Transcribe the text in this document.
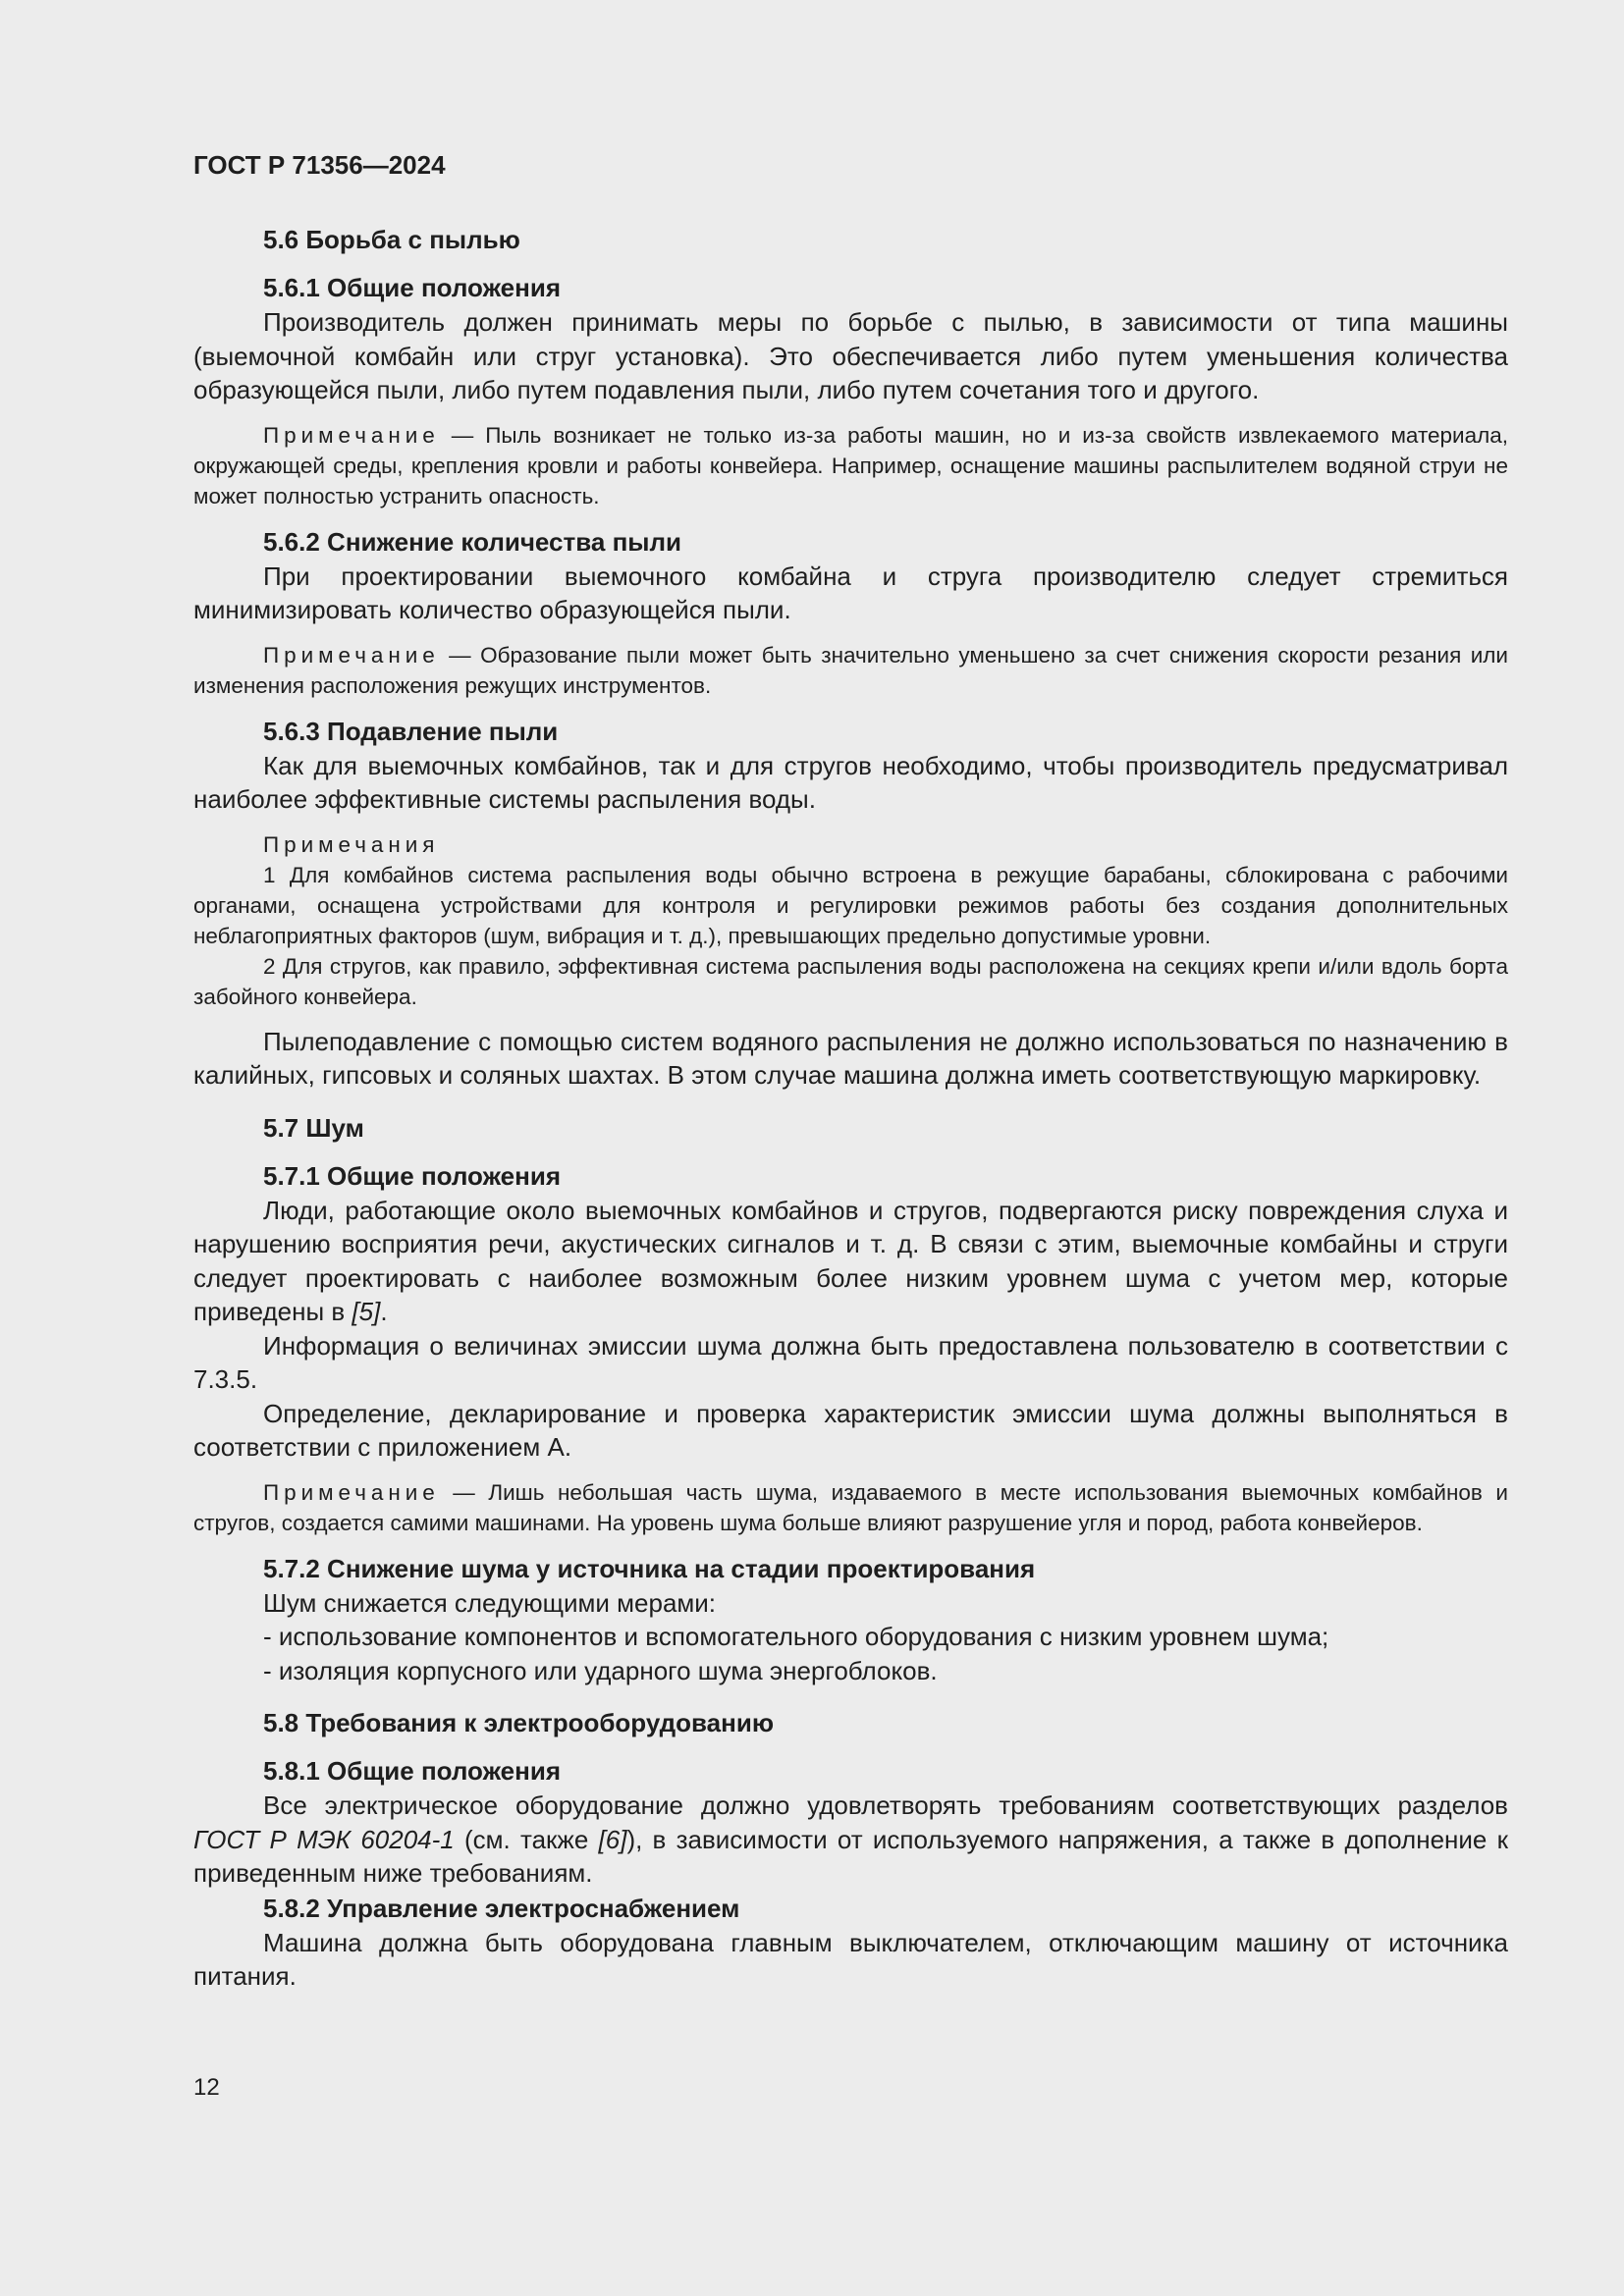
ГОСТ Р 71356—2024
5.6 Борьба с пылью
5.6.1 Общие положения

Производитель должен принимать меры по борьбе с пылью, в зависимости от типа машины (выемочной комбайн или струг установка). Это обеспечивается либо путем уменьшения количества образующейся пыли, либо путем подавления пыли, либо путем сочетания того и другого.

Примечание — Пыль возникает не только из-за работы машин, но и из-за свойств извлекаемого материала, окружающей среды, крепления кровли и работы конвейера. Например, оснащение машины распылителем водяной струи не может полностью устранить опасность.
5.6.2 Снижение количества пыли

При проектировании выемочного комбайна и струга производителю следует стремиться минимизировать количество образующейся пыли.

Примечание — Образование пыли может быть значительно уменьшено за счет снижения скорости резания или изменения расположения режущих инструментов.
5.6.3 Подавление пыли

Как для выемочных комбайнов, так и для стругов необходимо, чтобы производитель предусматривал наиболее эффективные системы распыления воды.

Примечания
1 Для комбайнов система распыления воды обычно встроена в режущие барабаны, сблокирована с рабочими органами, оснащена устройствами для контроля и регулировки режимов работы без создания дополнительных неблагоприятных факторов (шум, вибрация и т. д.), превышающих предельно допустимые уровни.
2 Для стругов, как правило, эффективная система распыления воды расположена на секциях крепи и/или вдоль борта забойного конвейера.

Пылеподавление с помощью систем водяного распыления не должно использоваться по назначению в калийных, гипсовых и соляных шахтах. В этом случае машина должна иметь соответствующую маркировку.

5.7 Шум
5.7.1 Общие положения

Люди, работающие около выемочных комбайнов и стругов, подвергаются риску повреждения слуха и нарушению восприятия речи, акустических сигналов и т. д. В связи с этим, выемочные комбайны и струги следует проектировать с наиболее возможным более низким уровнем шума с учетом мер, которые приведены в [5].

Информация о величинах эмиссии шума должна быть предоставлена пользователю в соответствии с 7.3.5.

Определение, декларирование и проверка характеристик эмиссии шума должны выполняться в соответствии с приложением А.

Примечание — Лишь небольшая часть шума, издаваемого в месте использования выемочных комбайнов и стругов, создается самими машинами. На уровень шума больше влияют разрушение угля и пород, работа конвейеров.
5.7.2 Снижение шума у источника на стадии проектирования

Шум снижается следующими мерами:

- использование компонентов и вспомогательного оборудования с низким уровнем шума;

- изоляция корпусного или ударного шума энергоблоков.

5.8 Требования к электрооборудованию
5.8.1 Общие положения

Все электрическое оборудование должно удовлетворять требованиям соответствующих разделов ГОСТ Р МЭК 60204-1 (см. также [6]), в зависимости от используемого напряжения, а также в дополнение к приведенным ниже требованиям.

5.8.2 Управление электроснабжением

Машина должна быть оборудована главным выключателем, отключающим машину от источника питания.

12
